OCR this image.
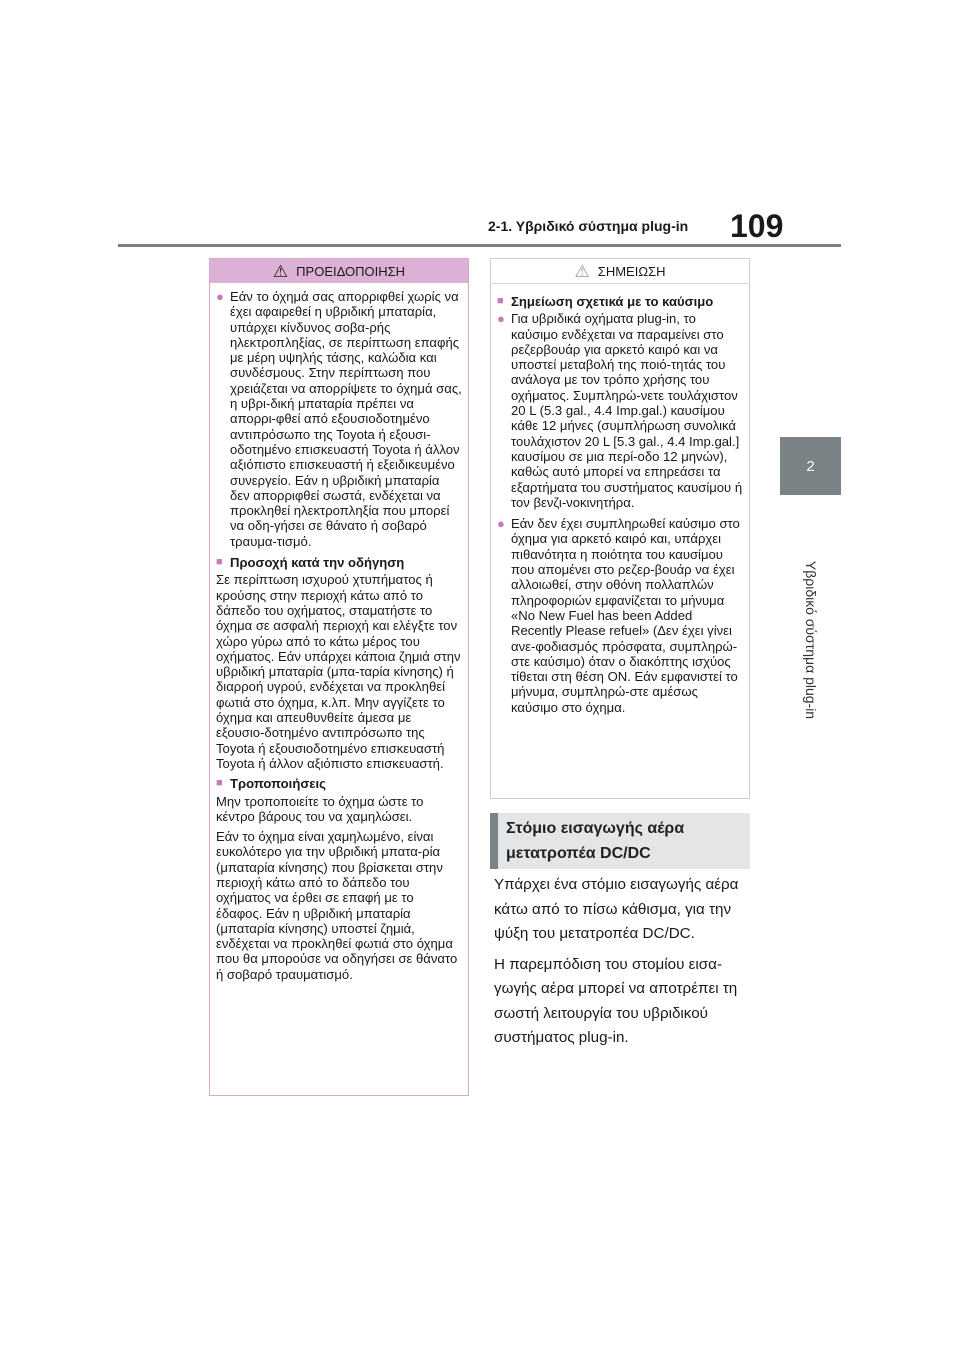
2-1. Υβριδικό σύστημα plug-in 109
2
Υβριδικό σύστημα plug-in
⚠ ΠΡΟΕΙΔΟΠΟΙΗΣΗ
● Εάν το όχημά σας απορριφθεί χωρίς να έχει αφαιρεθεί η υβριδική μπαταρία, υπάρχει κίνδυνος σοβα-ρής ηλεκτροπληξίας, σε περίπτωση επαφής με μέρη υψηλής τάσης, καλώδια και συνδέσμους. Στην περίπτωση που χρειάζεται να απορρίψετε το όχημά σας, η υβρι-δική μπαταρία πρέπει να απορρι-φθεί από εξουσιοδοτημένο αντιπρόσωπο της Toyota ή εξουσι-οδοτημένο επισκευαστή Toyota ή άλλον αξιόπιστο επισκευαστή ή εξειδικευμένο συνεργείο. Εάν η υβριδική μπαταρία δεν απορριφθεί σωστά, ενδέχεται να προκληθεί ηλεκτροπληξία που μπορεί να οδη-γήσει σε θάνατο ή σοβαρό τραυμα-τισμό.
■ Προσοχή κατά την οδήγηση

Σε περίπτωση ισχυρού χτυπήματος ή κρούσης στην περιοχή κάτω από το δάπεδο του οχήματος, σταματήστε το όχημα σε ασφαλή περιοχή και ελέγξτε τον χώρο γύρω από το κάτω μέρος του οχήματος. Εάν υπάρχει κάποια ζημιά στην υβριδική μπαταρία (μπα-ταρία κίνησης) ή διαρροή υγρού, ενδέχεται να προκληθεί φωτιά στο όχημα, κ.λπ. Μην αγγίζετε το όχημα και απευθυνθείτε άμεσα με εξουσιο-δοτημένο αντιπρόσωπο της Toyota ή εξουσιοδοτημένο επισκευαστή Toyota ή άλλον αξιόπιστο επισκευαστή.

■ Τροποποιήσεις

Μην τροποποιείτε το όχημα ώστε το κέντρο βάρους του να χαμηλώσει.

Εάν το όχημα είναι χαμηλωμένο, είναι ευκολότερο για την υβριδική μπατα-ρία (μπαταρία κίνησης) που βρίσκεται στην περιοχή κάτω από το δάπεδο του οχήματος να έρθει σε επαφή με το έδαφος. Εάν η υβριδική μπαταρία (μπαταρία κίνησης) υποστεί ζημιά, ενδέχεται να προκληθεί φωτιά στο όχημα που θα μπορούσε να οδηγήσει σε θάνατο ή σοβαρό τραυματισμό.

⚠ ΣΗΜΕΙΩΣΗ
■ Σημείωση σχετικά με το καύσιμο
● Για υβριδικά οχήματα plug-in, το καύσιμο ενδέχεται να παραμείνει στο ρεζερβουάρ για αρκετό καιρό και να υποστεί μεταβολή της ποιό-τητάς του ανάλογα με τον τρόπο χρήσης του οχήματος. Συμπληρώ-νετε τουλάχιστον 20 L (5.3 gal., 4.4 Imp.gal.) καυσίμου κάθε 12 μήνες (συμπλήρωση συνολικά τουλάχιστον 20 L [5.3 gal., 4.4 Imp.gal.] καυσίμου σε μια περί-οδο 12 μηνών), καθώς αυτό μπορεί να επηρεάσει τα εξαρτήματα του συστήματος καυσίμου ή τον βενζι-νοκινητήρα.
● Εάν δεν έχει συμπληρωθεί καύσιμο στο όχημα για αρκετό καιρό και, υπάρχει πιθανότητα η ποιότητα του καυσίμου που απομένει στο ρεζερ-βουάρ να έχει αλλοιωθεί, στην οθόνη πολλαπλών πληροφοριών εμφανίζεται το μήνυμα «No New Fuel has been Added Recently Please refuel» (Δεν έχει γίνει ανε-φοδιασμός πρόσφατα, συμπληρώ-στε καύσιμο) όταν ο διακόπτης ισχύος τίθεται στη θέση ON. Εάν εμφανιστεί το μήνυμα, συμπληρώ-στε αμέσως καύσιμο στο όχημα.
Στόμιο εισαγωγής αέρα
μετατροπέα DC/DC

Υπάρχει ένα στόμιο εισαγωγής αέρα κάτω από το πίσω κάθισμα, για την ψύξη του μετατροπέα DC/DC.

Η παρεμπόδιση του στομίου εισα-γωγής αέρα μπορεί να αποτρέπει τη σωστή λειτουργία του υβριδικού συστήματος plug-in.
